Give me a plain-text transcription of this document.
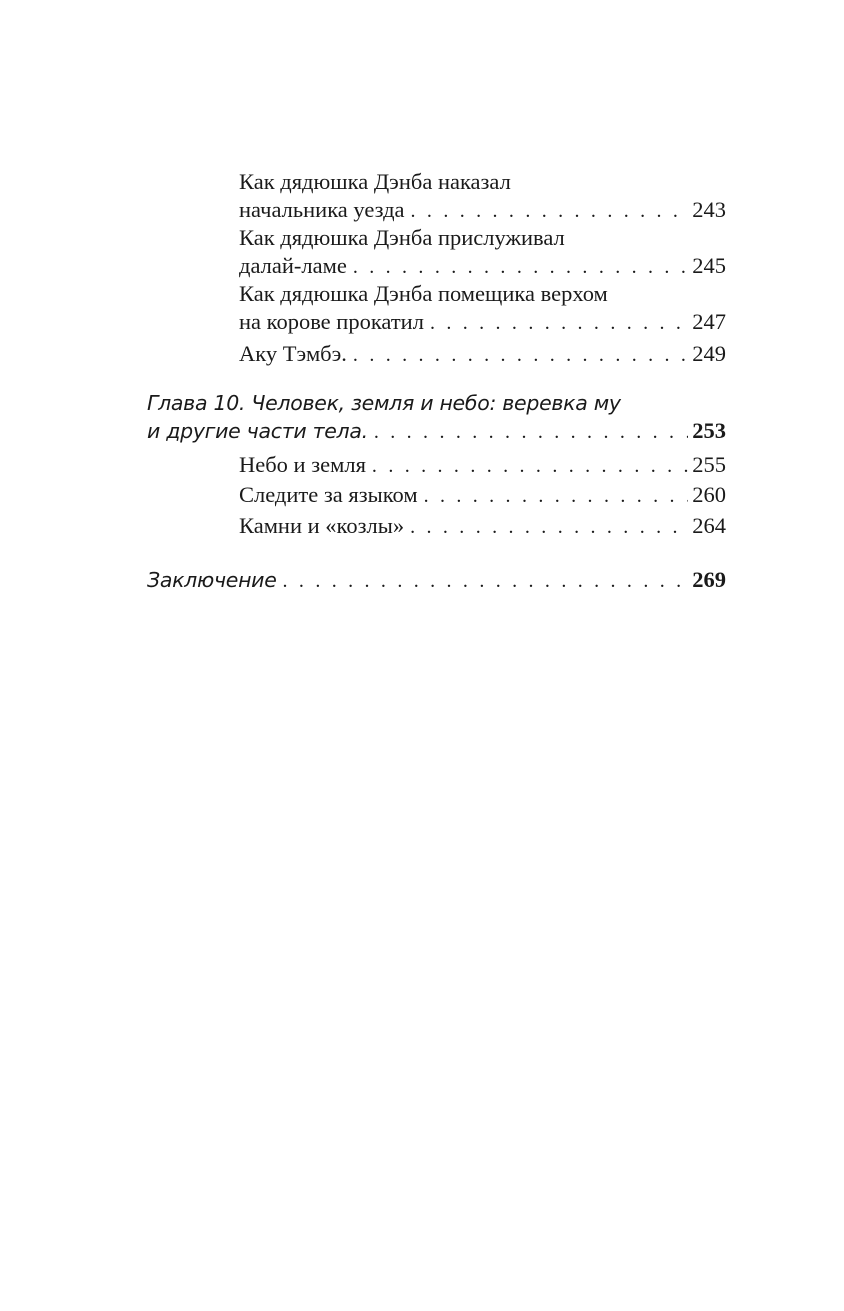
Как дядюшка Дэнба наказал
начальника уезда . . .	243
Как дядюшка Дэнба прислуживал
далай-ламе . . .	245
Как дядюшка Дэнба помещика верхом
на корове прокатил . . .	247
Аку Тэмбэ. . . .	249
Глава 10. Человек, земля и небо: веревка му
и другие части тела. . . .	253
Небо и земля . . .	255
Следите за языком . . .	260
Камни и «козлы» . . .	264
Заключение . . .	269
